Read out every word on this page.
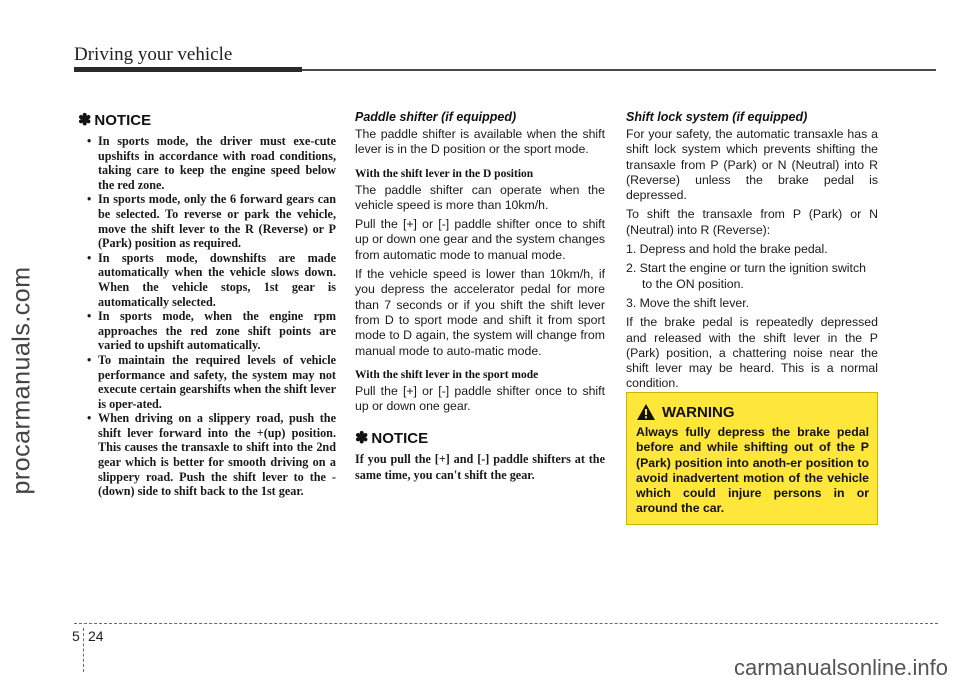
Driving your vehicle
procarmanuals.com
✽ NOTICE
• In sports mode, the driver must exe-cute upshifts in accordance with road conditions, taking care to keep the engine speed below the red zone.
• In sports mode, only the 6 forward gears can be selected. To reverse or park the vehicle, move the shift lever to the R (Reverse) or P (Park) position as required.
• In sports mode, downshifts are made automatically when the vehicle slows down. When the vehicle stops, 1st gear is automatically selected.
• In sports mode, when the engine rpm approaches the red zone shift points are varied to upshift automatically.
• To maintain the required levels of vehicle performance and safety, the system may not execute certain gearshifts when the shift lever is oper-ated.
• When driving on a slippery road, push the shift lever forward into the +(up) position. This causes the transaxle to shift into the 2nd gear which is better for smooth driving on a slippery road. Push the shift lever to the -(down) side to shift back to the 1st gear.
Paddle shifter (if equipped)

The paddle shifter is available when the shift lever is in the D position or the sport mode.

With the shift lever in the D position

The paddle shifter can operate when the vehicle speed is more than 10km/h.

Pull the [+] or [-] paddle shifter once to shift up or down one gear and the system changes from automatic mode to manual mode.

If the vehicle speed is lower than 10km/h, if you depress the accelerator pedal for more than 7 seconds or if you shift the shift lever from D to sport mode and shift it from sport mode to D again, the system will change from manual mode to auto-matic mode.

With the shift lever in the sport mode

Pull the [+] or [-] paddle shifter once to shift up or down one gear.

✽ NOTICE

If you pull the [+] and [-] paddle shifters at the same time, you can't shift the gear.

Shift lock system (if equipped)

For your safety, the automatic transaxle has a shift lock system which prevents shifting the transaxle from P (Park) or N (Neutral) into R (Reverse) unless the brake pedal is depressed.

To shift the transaxle from P (Park) or N (Neutral) into R (Reverse):

1. Depress and hold the brake pedal.

2. Start the engine or turn the ignition switch to the ON position.

3. Move the shift lever.

If the brake pedal is repeatedly depressed and released with the shift lever in the P (Park) position, a chattering noise near the shift lever may be heard. This is a normal condition.

WARNING

Always fully depress the brake pedal before and while shifting out of the P (Park) position into anoth-er position to avoid inadvertent motion of the vehicle which could injure persons in or around the car.

5 24
carmanualsonline.info
